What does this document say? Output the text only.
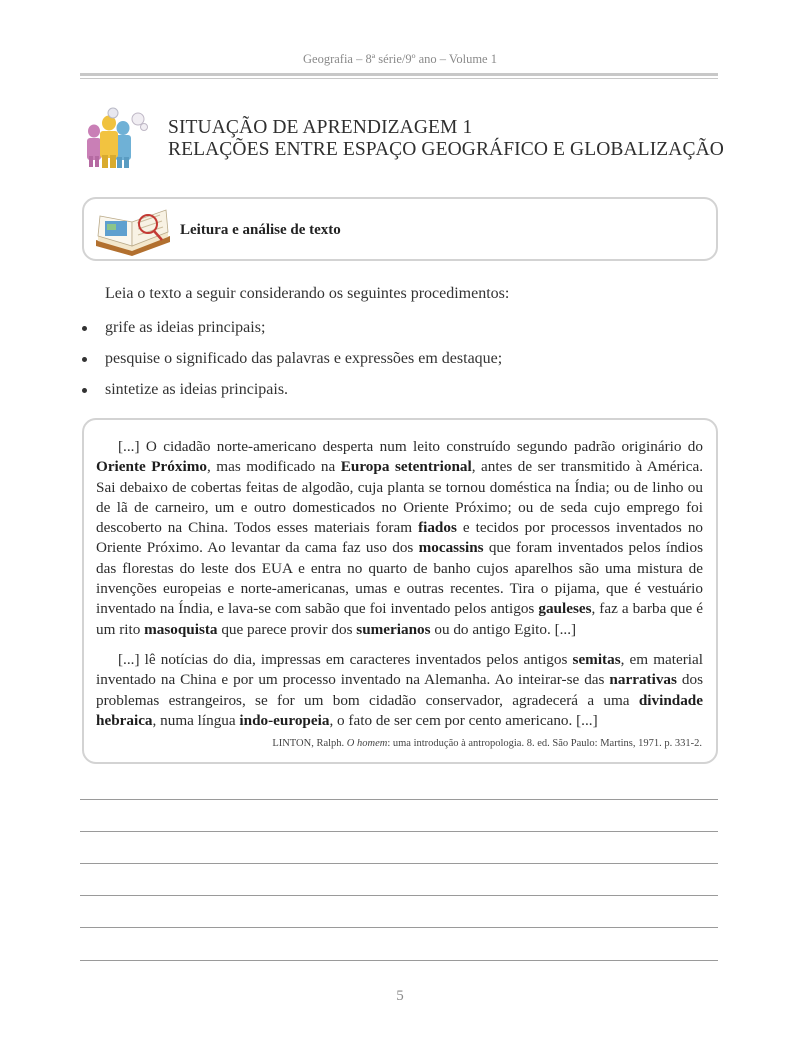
Geografia – 8ª série/9º ano – Volume 1
SITUAÇÃO DE APRENDIZAGEM 1
RELAÇÕES ENTRE ESPAÇO GEOGRÁFICO E GLOBALIZAÇÃO
Leitura e análise de texto
Leia o texto a seguir considerando os seguintes procedimentos:
grife as ideias principais;
pesquise o significado das palavras e expressões em destaque;
sintetize as ideias principais.

[...] O cidadão norte-americano desperta num leito construído segundo padrão originário do Oriente Próximo, mas modificado na Europa setentrional, antes de ser transmitido à América. Sai debaixo de cobertas feitas de algodão, cuja planta se tornou doméstica na Índia; ou de linho ou de lã de carneiro, um e outro domesticados no Oriente Próximo; ou de seda cujo emprego foi descoberto na China. Todos esses materiais foram fiados e tecidos por processos inventados no Oriente Próximo. Ao levantar da cama faz uso dos mocassins que foram inventados pelos índios das florestas do leste dos EUA e entra no quarto de banho cujos aparelhos são uma mistura de invenções europeias e norte-americanas, umas e outras recentes. Tira o pijama, que é vestuário inventado na Índia, e lava-se com sabão que foi inventado pelos antigos gauleses, faz a barba que é um rito masoquista que parece provir dos sumerianos ou do antigo Egito. [...]

[...] lê notícias do dia, impressas em caracteres inventados pelos antigos semitas, em material inventado na China e por um processo inventado na Alemanha. Ao inteirar-se das narrativas dos problemas estrangeiros, se for um bom cidadão conservador, agradecerá a uma divindade hebraica, numa língua indo-europeia, o fato de ser cem por cento americano. [...]

LINTON, Ralph. O homem: uma introdução à antropologia. 8. ed. São Paulo: Martins, 1971. p. 331-2.
5
